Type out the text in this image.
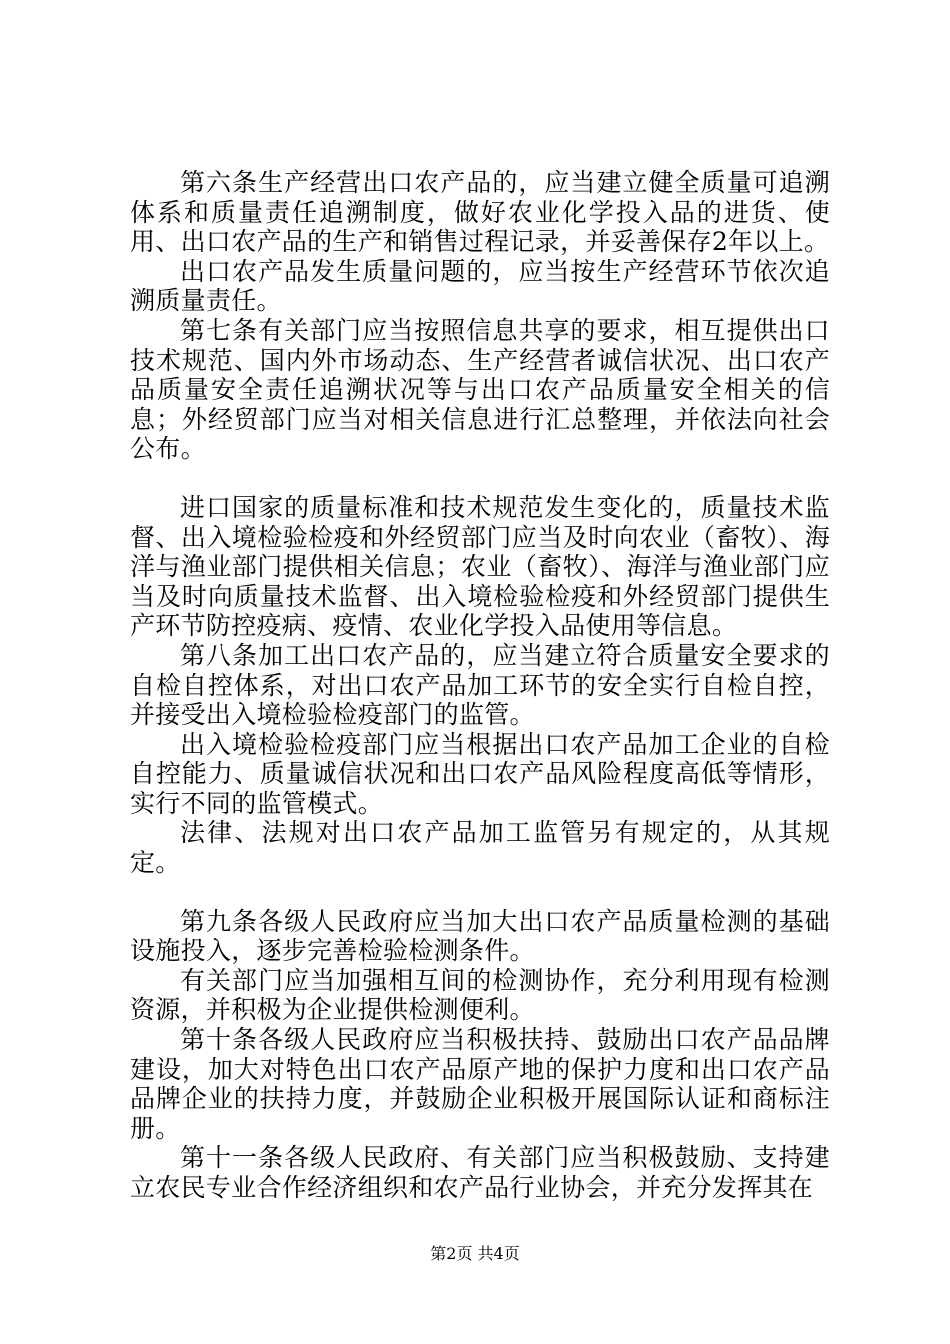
第六条生产经营出口农产品的，应当建立健全质量可追溯体系和质量责任追溯制度，做好农业化学投入品的进货、使用、出口农产品的生产和销售过程记录，并妥善保存2年以上。

出口农产品发生质量问题的，应当按生产经营环节依次追溯质量责任。

第七条有关部门应当按照信息共享的要求，相互提供出口技术规范、国内外市场动态、生产经营者诚信状况、出口农产品质量安全责任追溯状况等与出口农产品质量安全相关的信息；外经贸部门应当对相关信息进行汇总整理，并依法向社会公布。

进口国家的质量标准和技术规范发生变化的，质量技术监督、出入境检验检疫和外经贸部门应当及时向农业（畜牧）、海洋与渔业部门提供相关信息；农业（畜牧）、海洋与渔业部门应当及时向质量技术监督、出入境检验检疫和外经贸部门提供生产环节防控疫病、疫情、农业化学投入品使用等信息。

第八条加工出口农产品的，应当建立符合质量安全要求的自检自控体系，对出口农产品加工环节的安全实行自检自控，并接受出入境检验检疫部门的监管。

出入境检验检疫部门应当根据出口农产品加工企业的自检自控能力、质量诚信状况和出口农产品风险程度高低等情形，实行不同的监管模式。

法律、法规对出口农产品加工监管另有规定的，从其规定。

第九条各级人民政府应当加大出口农产品质量检测的基础设施投入，逐步完善检验检测条件。

有关部门应当加强相互间的检测协作，充分利用现有检测资源，并积极为企业提供检测便利。

第十条各级人民政府应当积极扶持、鼓励出口农产品品牌建设，加大对特色出口农产品原产地的保护力度和出口农产品品牌企业的扶持力度，并鼓励企业积极开展国际认证和商标注册。

第十一条各级人民政府、有关部门应当积极鼓励、支持建立农民专业合作经济组织和农产品行业协会，并充分发挥其在

第2页 共4页
